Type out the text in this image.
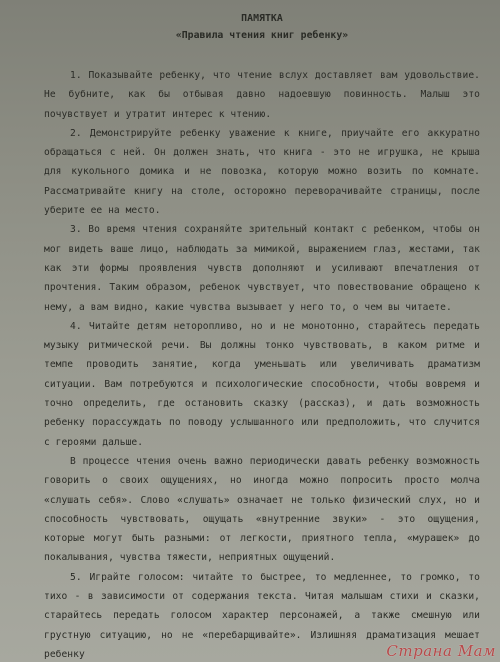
ПАМЯТКА

«Правила чтения книг ребенку»

1. Показывайте ребенку, что чтение вслух доставляет вам удовольствие. Не бубните, как бы отбывая давно надоевшую повинность. Малыш это почувствует и утратит интерес к чтению.

2. Демонстрируйте ребенку уважение к книге, приучайте его аккуратно обращаться с ней. Он должен знать, что книга - это не игрушка, не крыша для кукольного домика и не повозка, которую можно возить по комнате. Рассматривайте книгу на столе, осторожно переворачивайте страницы, после уберите ее на место.

3. Во время чтения сохраняйте зрительный контакт с ребенком, чтобы он мог видеть ваше лицо, наблюдать за мимикой, выражением глаз, жестами, так как эти формы проявления чувств дополняют и усиливают впечатления от прочтения. Таким образом, ребенок чувствует, что повествование обращено к нему, а вам видно, какие чувства вызывает у него то, о чем вы читаете.

4. Читайте детям неторопливо, но и не монотонно, старайтесь передать музыку ритмической речи. Вы должны тонко чувствовать, в каком ритме и темпе проводить занятие, когда уменьшать или увеличивать драматизм ситуации. Вам потребуются и психологические способности, чтобы вовремя и точно определить, где остановить сказку (рассказ), и дать возможность ребенку порассуждать по поводу услышанного или предположить, что случится с героями дальше.

В процессе чтения очень важно периодически давать ребенку возможность говорить о своих ощущениях, но иногда можно попросить просто молча «слушать себя». Слово «слушать» означает не только физический слух, но и способность чувствовать, ощущать «внутренние звуки» - это ощущения, которые могут быть разными: от легкости, приятного тепла, «мурашек» до покалывания, чувства тяжести, неприятных ощущений.

5. Играйте голосом: читайте то быстрее, то медленнее, то громко, то тихо - в зависимости от содержания текста. Читая малышам стихи и сказки, старайтесь передать голосом характер персонажей, а также смешную или грустную ситуацию, но не «перебарщивайте». Излишняя драматизация мешает ребенку	Страна Мам
